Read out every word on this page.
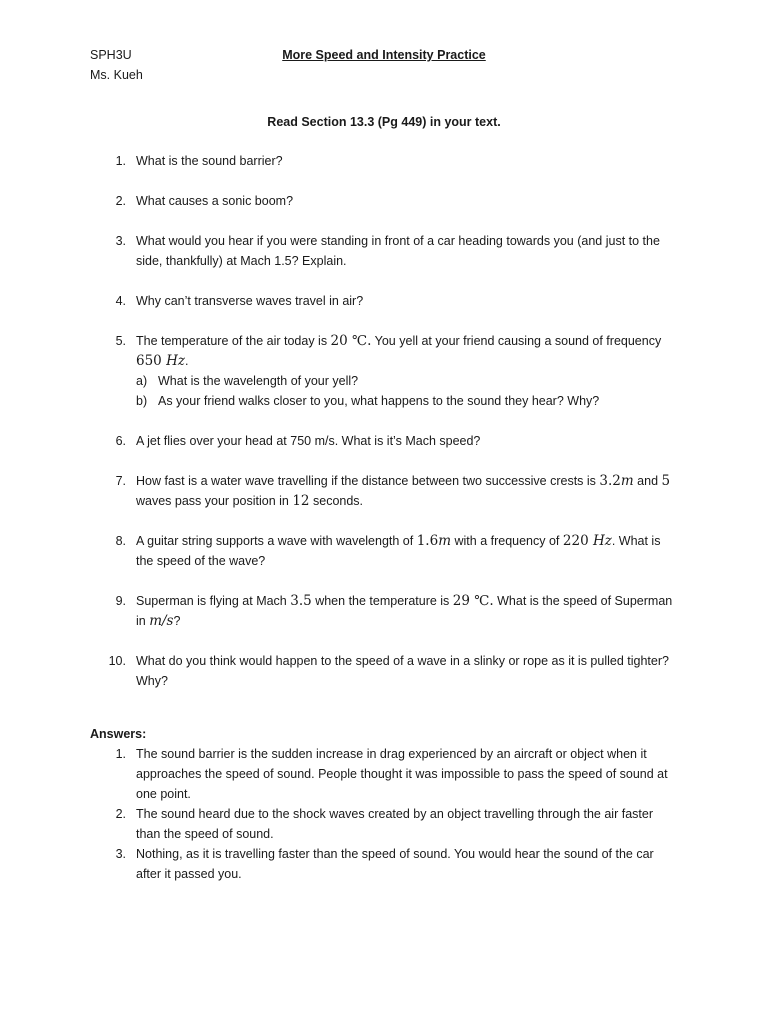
SPH3U
Ms. Kueh
More Speed and Intensity Practice
Read Section 13.3 (Pg 449) in your text.
1. What is the sound barrier?
2. What causes a sonic boom?
3. What would you hear if you were standing in front of a car heading towards you (and just to the side, thankfully) at Mach 1.5? Explain.
4. Why can’t transverse waves travel in air?
5. The temperature of the air today is 20 ℃. You yell at your friend causing a sound of frequency 650 Hz.
a) What is the wavelength of your yell?
b) As your friend walks closer to you, what happens to the sound they hear? Why?
6. A jet flies over your head at 750 m/s. What is it’s Mach speed?
7. How fast is a water wave travelling if the distance between two successive crests is 3.2m and 5 waves pass your position in 12 seconds.
8. A guitar string supports a wave with wavelength of 1.6m with a frequency of 220 Hz. What is the speed of the wave?
9. Superman is flying at Mach 3.5 when the temperature is 29 ℃. What is the speed of Superman in m/s?
10. What do you think would happen to the speed of a wave in a slinky or rope as it is pulled tighter? Why?
Answers:
1. The sound barrier is the sudden increase in drag experienced by an aircraft or object when it approaches the speed of sound. People thought it was impossible to pass the speed of sound at one point.
2. The sound heard due to the shock waves created by an object travelling through the air faster than the speed of sound.
3. Nothing, as it is travelling faster than the speed of sound. You would hear the sound of the car after it passed you.
